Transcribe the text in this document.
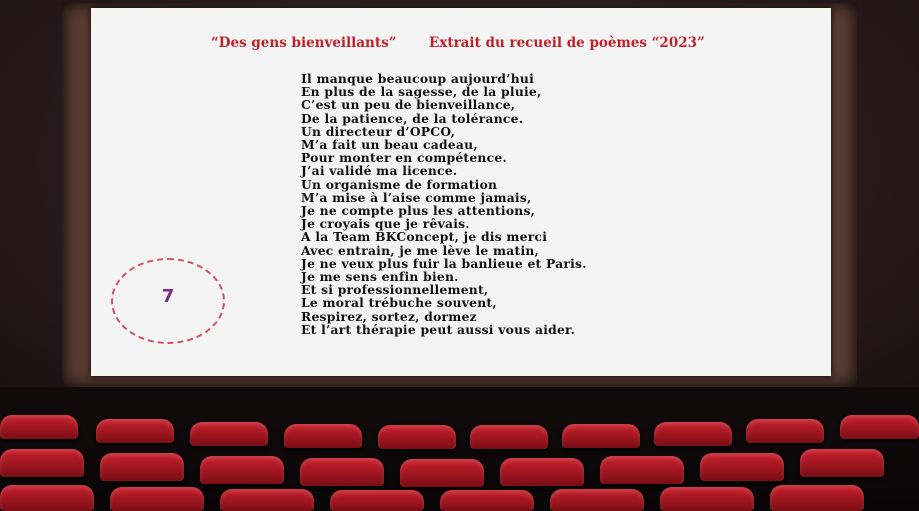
“Des gens bienveillants” Extrait du recueil de poèmes “2023”
Il manque beaucoup aujourd’hui
En plus de la sagesse, de la pluie,
C’est un peu de bienveillance,
De la patience, de la tolérance.
Un directeur d’OPCO,
M’a fait un beau cadeau,
Pour monter en compétence.
J’ai validé ma licence.
Un organisme de formation
M’a mise à l’aise comme jamais,
Je ne compte plus les attentions,
Je croyais que je rêvais.
A la Team BKConcept, je dis merci
Avec entrain, je me lève le matin,
Je ne veux plus fuir la banlieue et Paris.
Je me sens enfin bien.
Et si professionnellement,
Le moral trébuche souvent,
Respirez, sortez, dormez
Et l’art thérapie peut aussi vous aider.
7
